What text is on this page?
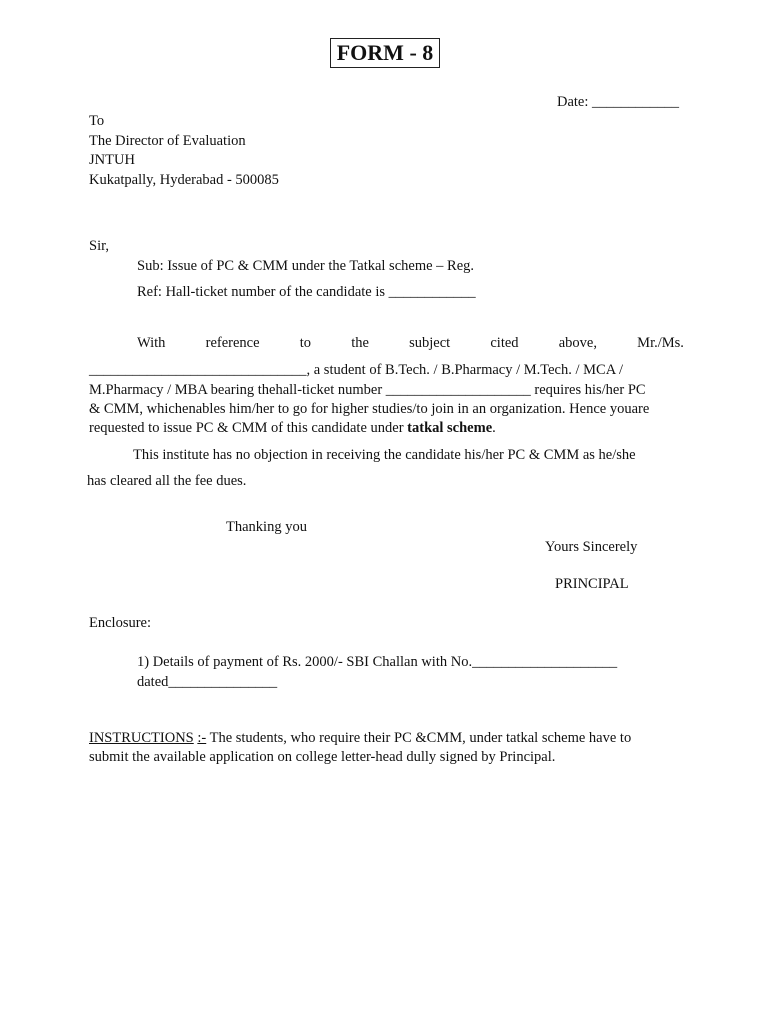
FORM - 8
Date: ____________
To
The Director of Evaluation
JNTUH
Kukatpally, Hyderabad - 500085
Sir,
Sub: Issue of PC & CMM under the Tatkal scheme – Reg.
Ref: Hall-ticket number of the candidate is ____________
With	reference	to	the	subject	cited	above,	Mr./Ms.
______________________________, a student of B.Tech. / B.Pharmacy / M.Tech. / MCA /
M.Pharmacy / MBA bearing thehall-ticket number ____________________ requires his/her PC
& CMM, whichenables him/her to go for higher studies/to join in an organization. Hence youare
requested to issue PC & CMM of this candidate under tatkal scheme.
This institute has no objection in receiving the candidate his/her PC & CMM as he/she
has cleared all the fee dues.
Thanking you
Yours Sincerely
PRINCIPAL
Enclosure:
1) Details of payment of Rs. 2000/- SBI Challan with No.____________________
dated_______________
INSTRUCTIONS :- The students, who require their PC &CMM, under tatkal scheme have to
submit the available application on college letter-head dully signed by Principal.
